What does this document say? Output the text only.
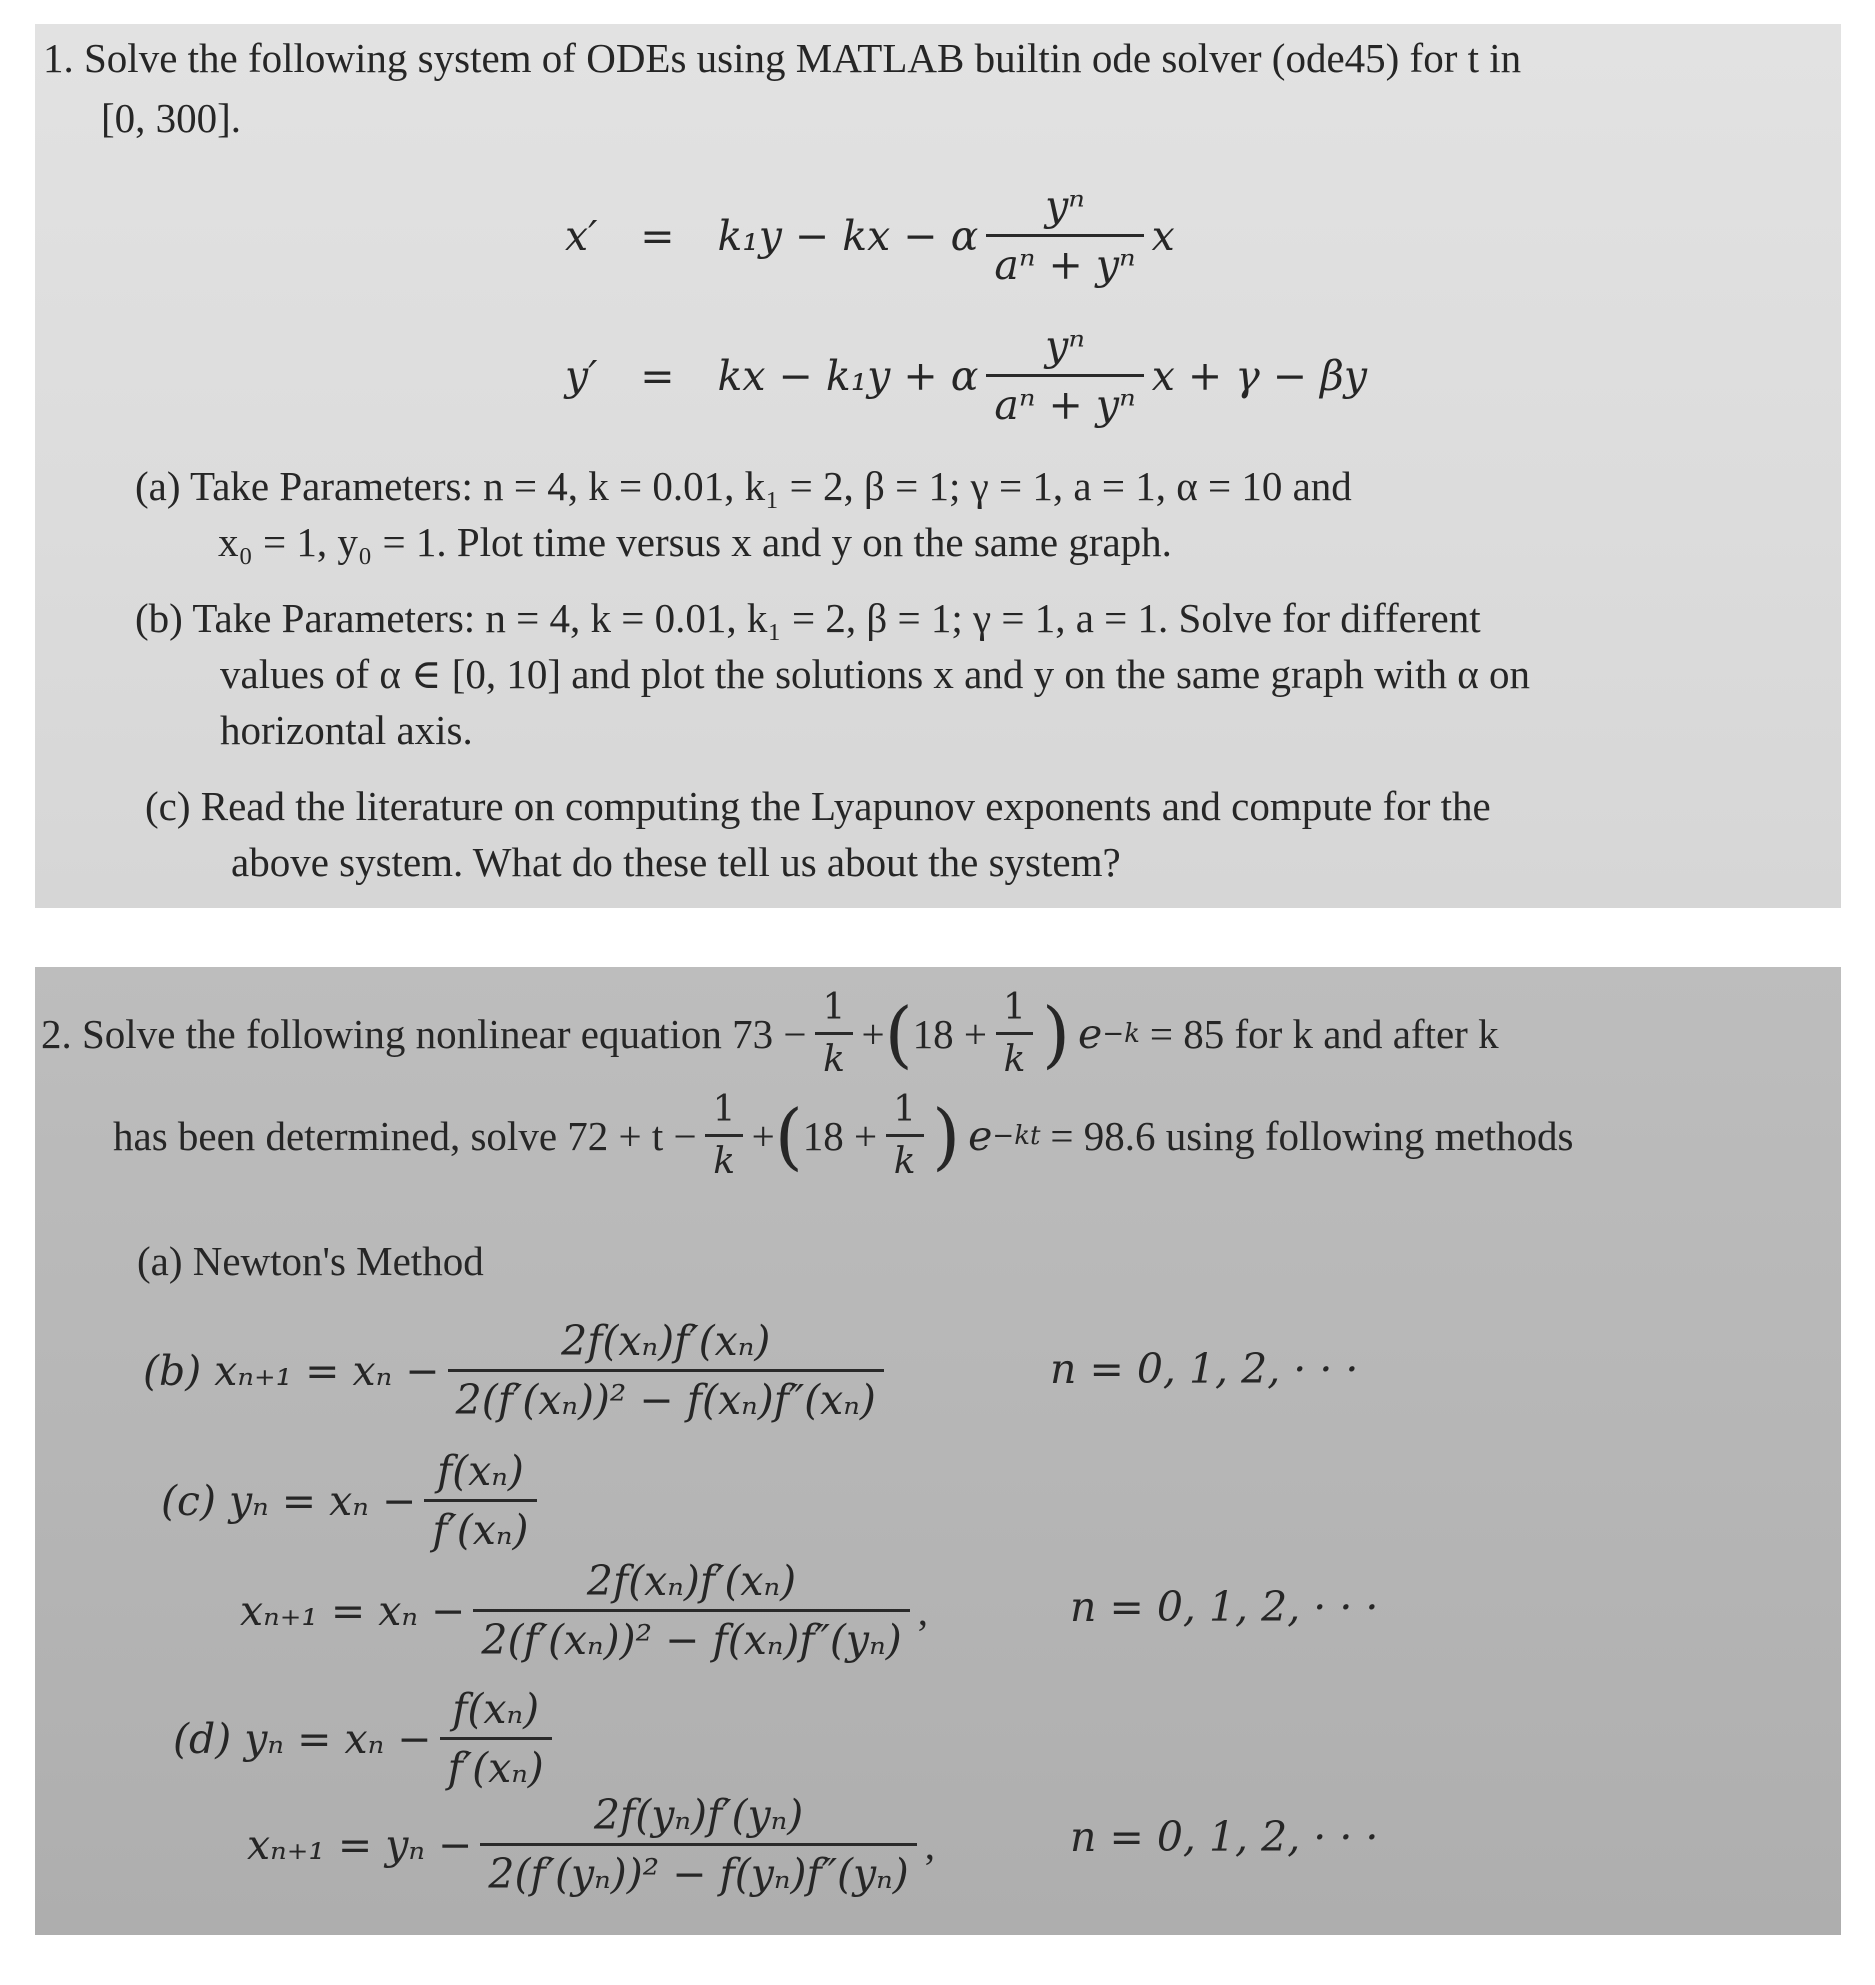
1. Solve the following system of ODEs using MATLAB builtin ode solver (ode45) for t in
[0, 300].
x′	=	k₁y − kx − α $\frac{\text{yⁿ}}{\text{aⁿ + yⁿ}}$ x
y′	=	kx − k₁y + α $\frac{\text{yⁿ}}{\text{aⁿ + yⁿ}}$ x + γ − βy
(a) Take Parameters: n = 4, k = 0.01, k₁ = 2, β = 1; γ = 1, a = 1, α = 10 and
x₀ = 1, y₀ = 1. Plot time versus x and y on the same graph.
(b) Take Parameters: n = 4, k = 0.01, k₁ = 2, β = 1; γ = 1, a = 1. Solve for different
values of α ∈ [0, 10] and plot the solutions x and y on the same graph with α on
horizontal axis.
(c) Read the literature on computing the Lyapunov exponents and compute for the
above system. What do these tell us about the system?
2. Solve the following nonlinear equation $73 - \frac{1}{k}$ + ( $18 + \frac{1}{k}$ ) e −k = 85 for k and after k
has been determined, solve $72 + t - \frac{1}{k}$ + ( $18 + \frac{1}{k}$ ) e −kt = 98.6 using following methods
(a) Newton's Method
(b) $x_{n+1} = x_n - \frac{\text{2f(xₙ)f′(xₙ)}}{\text{2(f′(xₙ))² − f(xₙ)f″(xₙ)}}$	n = 0, 1, 2, · · ·
(c) $y_n = x_n - \frac{\text{f(xₙ)}}{\text{f′(xₙ)}}$
$x_{n+1} = x_n - \frac{\text{2f(xₙ)f′(xₙ)}}{\text{2(f′(xₙ))² − f(xₙ)f″(yₙ)}}$ ,	n = 0, 1, 2, · · ·
(d) $y_n = x_n - \frac{\text{f(xₙ)}}{\text{f′(xₙ)}}$
$x_{n+1} = y_n - \frac{\text{2f(yₙ)f′(yₙ)}}{\text{2(f′(yₙ))² − f(yₙ)f″(yₙ)}}$ ,	n = 0, 1, 2, · · ·
